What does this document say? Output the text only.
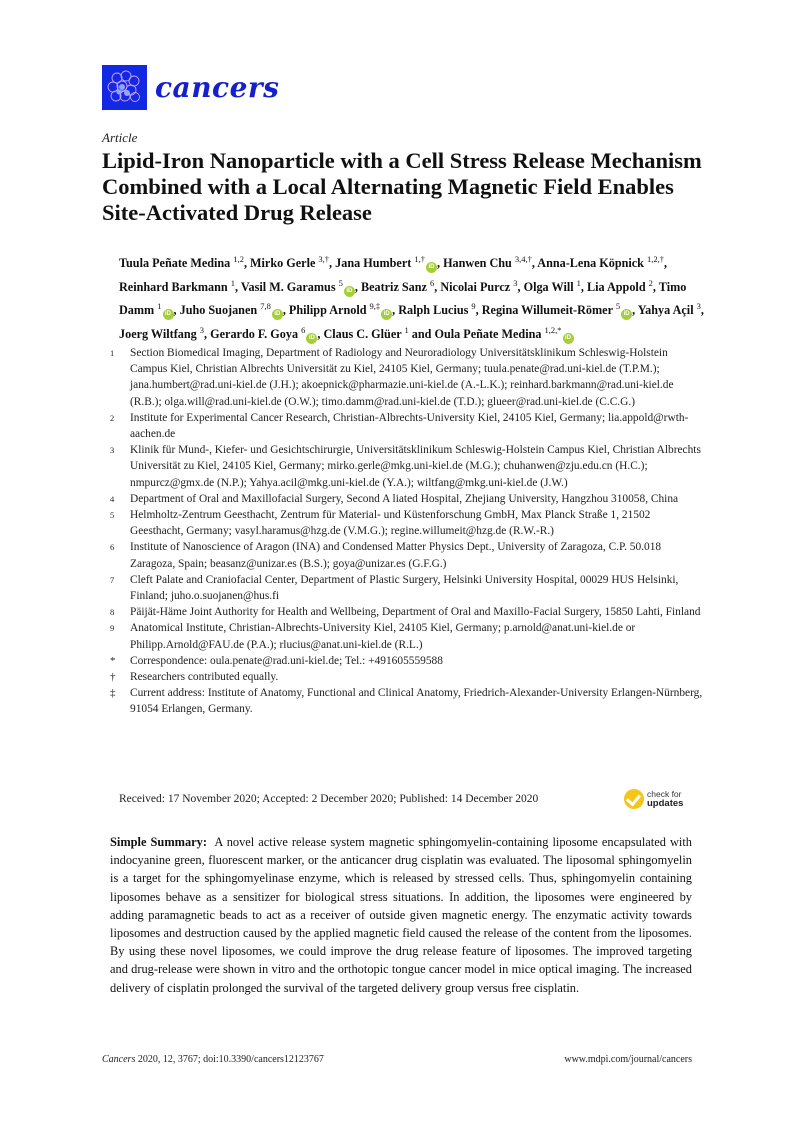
cancers
Article
Lipid-Iron Nanoparticle with a Cell Stress Release Mechanism Combined with a Local Alternating Magnetic Field Enables Site-Activated Drug Release
Tuula Peñate Medina $^{1,2}$, Mirko Gerle $^{3,\dagger}$, Jana Humbert $^{1,\dagger}$iD , Hanwen Chu $^{3,4,\dagger}$, Anna-Lena Köpnick $^{1,2,\dagger}$, Reinhard Barkmann $^1$, Vasil M. Garamus $^5$iD , Beatriz Sanz $^6$, Nicolai Purcz $^3$, Olga Will $^1$, Lia Appold $^2$, Timo Damm $^1$iD , Juho Suojanen $^{7,8}$iD , Philipp Arnold $^{9,\ddagger}$iD , Ralph Lucius $^9$, Regina Willumeit-Römer $^5$iD , Yahya Açil $^3$, Joerg Wiltfang $^3$, Gerardo F. Goya $^6$iD , Claus C. Glüer $^1$ and Oula Peñate Medina $^{1,2,*}$iD
1	Section Biomedical Imaging, Department of Radiology and Neuroradiology Universitätsklinikum Schleswig-Holstein Campus Kiel, Christian Albrechts Universität zu Kiel, 24105 Kiel, Germany; tuula.penate@rad.uni-kiel.de (T.P.M.); jana.humbert@rad.uni-kiel.de (J.H.); akoepnick@pharmazie.uni-kiel.de (A.-L.K.); reinhard.barkmann@rad.uni-kiel.de (R.B.); olga.will@rad.uni-kiel.de (O.W.); timo.damm@rad.uni-kiel.de (T.D.); glueer@rad.uni-kiel.de (C.C.G.)
2	Institute for Experimental Cancer Research, Christian-Albrechts-University Kiel, 24105 Kiel, Germany; lia.appold@rwth-aachen.de
3	Klinik für Mund-, Kiefer- und Gesichtschirurgie, Universitätsklinikum Schleswig-Holstein Campus Kiel, Christian Albrechts Universität zu Kiel, 24105 Kiel, Germany; mirko.gerle@mkg.uni-kiel.de (M.G.); chuhanwen@zju.edu.cn (H.C.); nmpurcz@gmx.de (N.P.); Yahya.acil@mkg.uni-kiel.de (Y.A.); wiltfang@mkg.uni-kiel.de (J.W.)
4	Department of Oral and Maxillofacial Surgery, Second A liated Hospital, Zhejiang University, Hangzhou 310058, China
5	Helmholtz-Zentrum Geesthacht, Zentrum für Material- und Küstenforschung GmbH, Max Planck Straße 1, 21502 Geesthacht, Germany; vasyl.haramus@hzg.de (V.M.G.); regine.willumeit@hzg.de (R.W.-R.)
6	Institute of Nanoscience of Aragon (INA) and Condensed Matter Physics Dept., University of Zaragoza, C.P. 50.018 Zaragoza, Spain; beasanz@unizar.es (B.S.); goya@unizar.es (G.F.G.)
7	Cleft Palate and Craniofacial Center, Department of Plastic Surgery, Helsinki University Hospital, 00029 HUS Helsinki, Finland; juho.o.suojanen@hus.fi
8	Päijät-Häme Joint Authority for Health and Wellbeing, Department of Oral and Maxillo-Facial Surgery, 15850 Lahti, Finland
9	Anatomical Institute, Christian-Albrechts-University Kiel, 24105 Kiel, Germany; p.arnold@anat.uni-kiel.de or Philipp.Arnold@FAU.de (P.A.); rlucius@anat.uni-kiel.de (R.L.)
*	Correspondence: oula.penate@rad.uni-kiel.de; Tel.: +491605559588
†	Researchers contributed equally.
‡	Current address: Institute of Anatomy, Functional and Clinical Anatomy, Friedrich-Alexander-University Erlangen-Nürnberg, 91054 Erlangen, Germany.
Received: 17 November 2020; Accepted: 2 December 2020; Published: 14 December 2020	check for
updates
Simple Summary: A novel active release system magnetic sphingomyelin-containing liposome encapsulated with indocyanine green, fluorescent marker, or the anticancer drug cisplatin was evaluated. The liposomal sphingomyelin is a target for the sphingomyelinase enzyme, which is released by stressed cells. Thus, sphingomyelin containing liposomes behave as a sensitizer for biological stress situations. In addition, the liposomes were engineered by adding paramagnetic beads to act as a receiver of outside given magnetic energy. The enzymatic activity towards liposomes and destruction caused by the applied magnetic field caused the release of the content from the liposomes. By using these novel liposomes, we could improve the drug release feature of liposomes. The improved targeting and drug-release were shown in vitro and the orthotopic tongue cancer model in mice optical imaging. The increased delivery of cisplatin prolonged the survival of the targeted delivery group versus free cisplatin.
Cancers 2020, 12, 3767; doi:10.3390/cancers12123767	www.mdpi.com/journal/cancers
